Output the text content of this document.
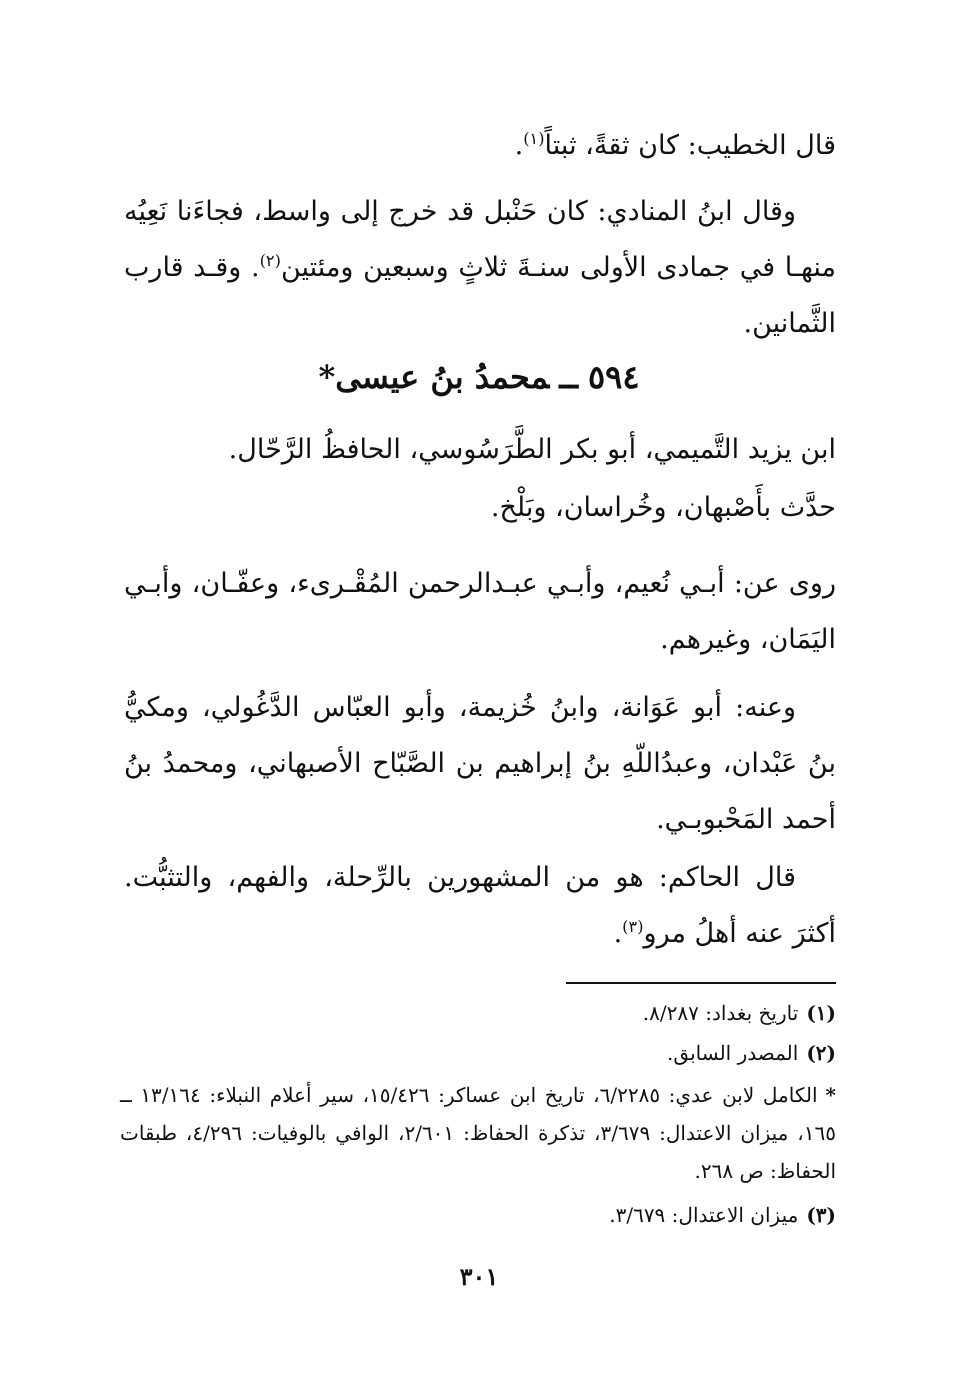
قال الخطيب: كان ثقةً، ثبتاً$^{(١)}$.
وقال ابنُ المنادي: كان حَنْبل قد خرج إلى واسط، فجاءَنا نَعِيُه منهـا في جمادى الأولى سنـةَ ثلاثٍ وسبعين ومئتين$^{(٢)}$. وقـد قارب الثَّمانين.
٥٩٤ــمحمدُ بنُ عيسى*
ابن يزيد التَّميمي، أبو بكر الطَّرَسُوسي، الحافظُ الرَّحّال.
حدَّث بأَصْبهان، وخُراسان، وبَلْخ.
روى عن: أبـي نُعيم، وأبـي عبـدالرحمن المُقْـرىء، وعفّـان، وأبـي اليَمَان، وغيرهم.
وعنه: أبو عَوَانة، وابنُ خُزيمة، وأبو العبّاس الدَّغُولي، ومكيُّ بنُ عَبْدان، وعبدُاللّهِ بنُ إبراهيم بن الصَّبّاح الأصبهاني، ومحمدُ بنُ أحمد المَحْبوبـي.
قال الحاكم: هو من المشهورين بالرِّحلة، والفهم، والتثبُّت. أكثرَ عنه أهلُ مرو$^{(٣)}$.
(١)تاريخ بغداد: ٨/٢٨٧.
(٢)المصدر السابق.
*الكامل لابن عدي: ٦/٢٢٨٥، تاريخ ابن عساكر: ١٥/٤٢٦، سير أعلام النبلاء: ١٣/١٦٤ ــ ١٦٥، ميزان الاعتدال: ٣/٦٧٩، تذكرة الحفاظ: ٢/٦٠١، الوافي بالوفيات: ٤/٢٩٦، طبقات الحفاظ: ص ٢٦٨.
(٣)ميزان الاعتدال: ٣/٦٧٩.
٣٠١
